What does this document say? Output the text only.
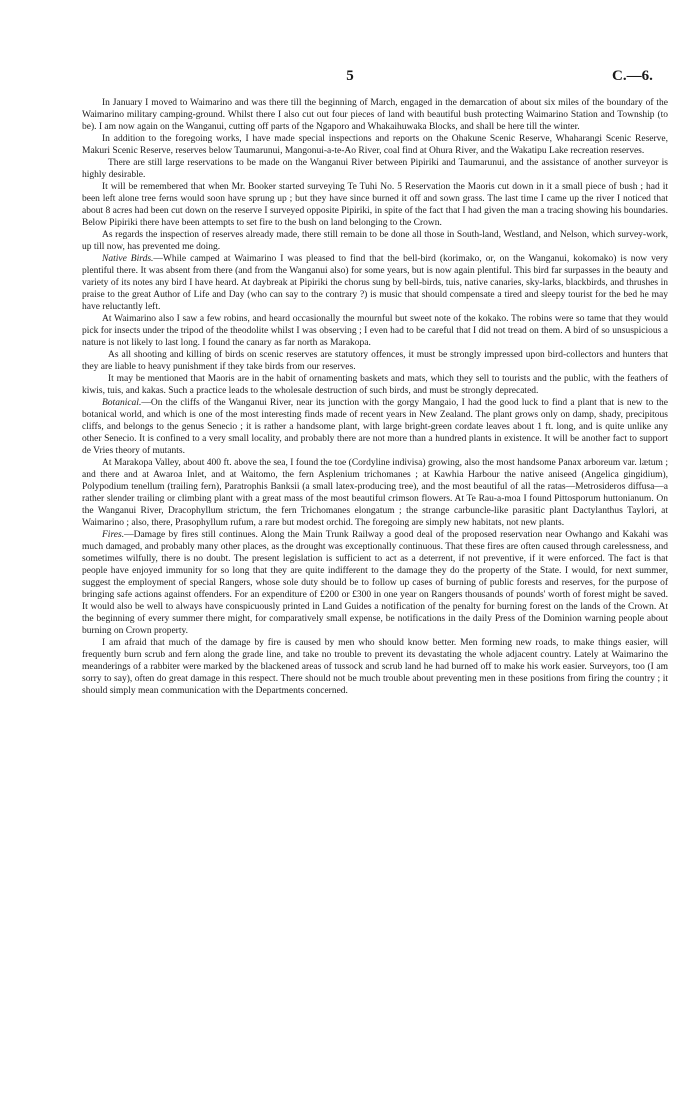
5	C.—6.

In January I moved to Waimarino and was there till the beginning of March, engaged in the demarcation of about six miles of the boundary of the Waimarino military camping-ground. Whilst there I also cut out four pieces of land with beautiful bush protecting Waimarino Station and Township (to be). I am now again on the Wanganui, cutting off parts of the Ngaporo and Whakaihuwaka Blocks, and shall be here till the winter.

In addition to the foregoing works, I have made special inspections and reports on the Ohakune Scenic Reserve, Whaharangi Scenic Reserve, Makuri Scenic Reserve, reserves below Taumarunui, Mangonui-a-te-Ao River, coal find at Ohura River, and the Wakatipu Lake recreation reserves.

There are still large reservations to be made on the Wanganui River between Pipiriki and Taumarunui, and the assistance of another surveyor is highly desirable.

It will be remembered that when Mr. Booker started surveying Te Tuhi No. 5 Reservation the Maoris cut down in it a small piece of bush ; had it been left alone tree ferns would soon have sprung up ; but they have since burned it off and sown grass. The last time I came up the river I noticed that about 8 acres had been cut down on the reserve I surveyed opposite Pipiriki, in spite of the fact that I had given the man a tracing showing his boundaries. Below Pipiriki there have been attempts to set fire to the bush on land belonging to the Crown.

As regards the inspection of reserves already made, there still remain to be done all those in South-land, Westland, and Nelson, which survey-work, up till now, has prevented me doing.

Native Birds.—While camped at Waimarino I was pleased to find that the bell-bird (korimako, or, on the Wanganui, kokomako) is now very plentiful there. It was absent from there (and from the Wanganui also) for some years, but is now again plentiful. This bird far surpasses in the beauty and variety of its notes any bird I have heard. At daybreak at Pipiriki the chorus sung by bell-birds, tuis, native canaries, sky-larks, blackbirds, and thrushes in praise to the great Author of Life and Day (who can say to the contrary ?) is music that should compensate a tired and sleepy tourist for the bed he may have reluctantly left.

At Waimarino also I saw a few robins, and heard occasionally the mournful but sweet note of the kokako. The robins were so tame that they would pick for insects under the tripod of the theodolite whilst I was observing ; I even had to be careful that I did not tread on them. A bird of so unsuspicious a nature is not likely to last long. I found the canary as far north as Marakopa.

As all shooting and killing of birds on scenic reserves are statutory offences, it must be strongly impressed upon bird-collectors and hunters that they are liable to heavy punishment if they take birds from our reserves.

It may be mentioned that Maoris are in the habit of ornamenting baskets and mats, which they sell to tourists and the public, with the feathers of kiwis, tuis, and kakas. Such a practice leads to the wholesale destruction of such birds, and must be strongly deprecated.

Botanical.—On the cliffs of the Wanganui River, near its junction with the gorgy Mangaio, I had the good luck to find a plant that is new to the botanical world, and which is one of the most interesting finds made of recent years in New Zealand. The plant grows only on damp, shady, precipitous cliffs, and belongs to the genus Senecio ; it is rather a handsome plant, with large bright-green cordate leaves about 1 ft. long, and is quite unlike any other Senecio. It is confined to a very small locality, and probably there are not more than a hundred plants in existence. It will be another fact to support de Vries theory of mutants.

At Marakopa Valley, about 400 ft. above the sea, I found the toe (Cordyline indivisa) growing, also the most handsome Panax arboreum var. lætum ; and there and at Awaroa Inlet, and at Waitomo, the fern Asplenium trichomanes ; at Kawhia Harbour the native aniseed (Angelica gingidium), Polypodium tenellum (trailing fern), Paratrophis Banksii (a small latex-producing tree), and the most beautiful of all the ratas—Metrosideros diffusa—a rather slender trailing or climbing plant with a great mass of the most beautiful crimson flowers. At Te Rau-a-moa I found Pittosporum huttonianum. On the Wanganui River, Dracophyllum strictum, the fern Trichomanes elongatum ; the strange carbuncle-like parasitic plant Dactylanthus Taylori, at Waimarino ; also, there, Prasophyllum rufum, a rare but modest orchid. The foregoing are simply new habitats, not new plants.

Fires.—Damage by fires still continues. Along the Main Trunk Railway a good deal of the proposed reservation near Owhango and Kakahi was much damaged, and probably many other places, as the drought was exceptionally continuous. That these fires are often caused through carelessness, and sometimes wilfully, there is no doubt. The present legislation is sufficient to act as a deterrent, if not preventive, if it were enforced. The fact is that people have enjoyed immunity for so long that they are quite indifferent to the damage they do the property of the State. I would, for next summer, suggest the employment of special Rangers, whose sole duty should be to follow up cases of burning of public forests and reserves, for the purpose of bringing safe actions against offenders. For an expenditure of £200 or £300 in one year on Rangers thousands of pounds' worth of forest might be saved. It would also be well to always have conspicuously printed in Land Guides a notification of the penalty for burning forest on the lands of the Crown. At the beginning of every summer there might, for comparatively small expense, be notifications in the daily Press of the Dominion warning people about burning on Crown property.

I am afraid that much of the damage by fire is caused by men who should know better. Men forming new roads, to make things easier, will frequently burn scrub and fern along the grade line, and take no trouble to prevent its devastating the whole adjacent country. Lately at Waimarino the meanderings of a rabbiter were marked by the blackened areas of tussock and scrub land he had burned off to make his work easier. Surveyors, too (I am sorry to say), often do great damage in this respect. There should not be much trouble about preventing men in these positions from firing the country ; it should simply mean communication with the Departments concerned.
